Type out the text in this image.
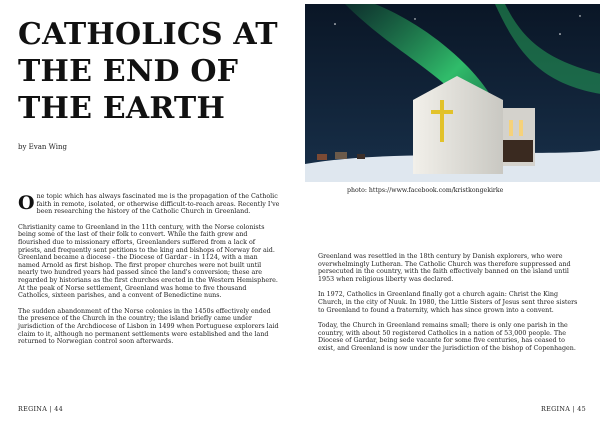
CATHOLICS AT THE END OF THE EARTH
by Evan Wing
photo: https://www.facebook.com/kristkongekirke

One topic which has always fascinated me is the propagation of the Catholic faith in remote, isolated, or otherwise difficult-to-reach areas. Recently I've been researching the history of the Catholic Church in Greenland.

Christianity came to Greenland in the 11th century, with the Norse colonists being some of the last of their folk to convert. While the faith grew and flourished due to missionary efforts, Greenlanders suffered from a lack of priests, and frequently sent petitions to the king and bishops of Norway for aid. Greenland became a diocese - the Diocese of Gardar - in 1124, with a man named Arnold as first bishop. The first proper churches were not built until nearly two hundred years had passed since the land's conversion; these are regarded by historians as the first churches erected in the Western Hemisphere. At the peak of Norse settlement, Greenland was home to five thousand Catholics, sixteen parishes, and a convent of Benedictine nuns.

The sudden abandonment of the Norse colonies in the 1450s effectively ended the presence of the Church in the country; the island briefly came under jurisdiction of the Archdiocese of Lisbon in 1499 when Portuguese explorers laid claim to it, although no permanent settlements were established and the land returned to Norwegian control soon afterwards.

Greenland was resettled in the 18th century by Danish explorers, who were overwhelmingly Lutheran. The Catholic Church was therefore suppressed and persecuted in the country, with the faith effectively banned on the island until 1953 when religious liberty was declared.

In 1972, Catholics in Greenland finally got a church again: Christ the King Church, in the city of Nuuk. In 1980, the Little Sisters of Jesus sent three sisters to Greenland to found a fraternity, which has since grown into a convent.

Today, the Church in Greenland remains small; there is only one parish in the country, with about 50 registered Catholics in a nation of 53,000 people. The Diocese of Gardar, being sede vacante for some five centuries, has ceased to exist, and Greenland is now under the jurisdiction of the bishop of Copenhagen.

REGINA | 44	REGINA | 45
